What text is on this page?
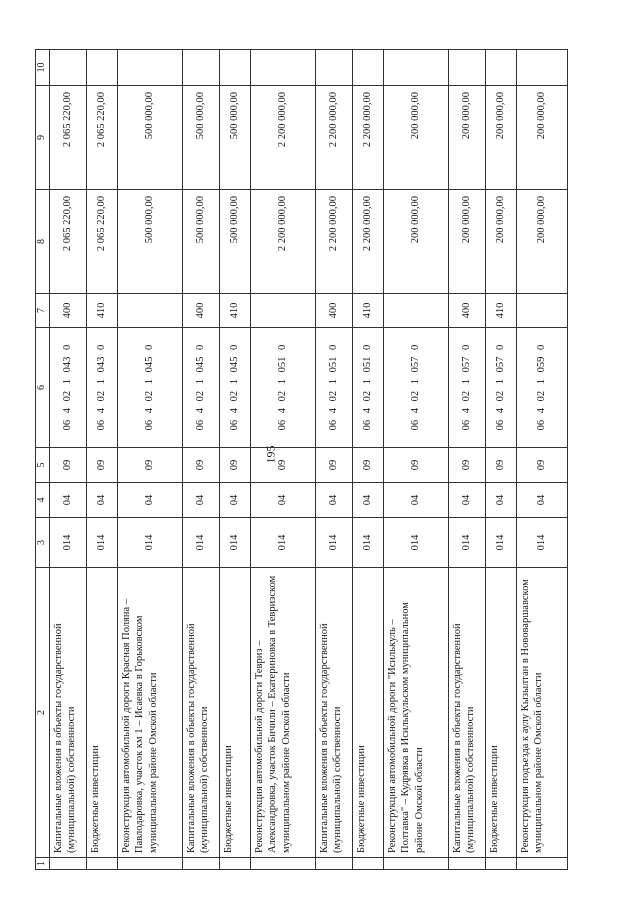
195
1	2	3	4	5	6	7	8	9	10
	Капитальные вложения в объекты государственной (муниципальной) собственности	014	04	09	06 4 02 1 043 0	400	2 065 220,00	2 065 220,00	
	Бюджетные инвестиции	014	04	09	06 4 02 1 043 0	410	2 065 220,00	2 065 220,00	
	Реконструкция автомобильной дороги Красная Поляна – Павлодаровка, участок км 1 – Исаевка в Горьковском муниципальном районе Омской области	014	04	09	06 4 02 1 045 0		500 000,00	500 000,00	
	Капитальные вложения в объекты государственной (муниципальной) собственности	014	04	09	06 4 02 1 045 0	400	500 000,00	500 000,00	
	Бюджетные инвестиции	014	04	09	06 4 02 1 045 0	410	500 000,00	500 000,00	
	Реконструкция автомобильной дороги Тевриз – Александровка, участок Бичили – Екатериновка в Тевризском муниципальном районе Омской области	014	04	09	06 4 02 1 051 0		2 200 000,00	2 200 000,00	
	Капитальные вложения в объекты государственной (муниципальной) собственности	014	04	09	06 4 02 1 051 0	400	2 200 000,00	2 200 000,00	
	Бюджетные инвестиции	014	04	09	06 4 02 1 051 0	410	2 200 000,00	2 200 000,00	
	Реконструкция автомобильной дороги "Исилькуль – Полтавка" – Кудрявка в Исилькульском муниципальном районе Омской области	014	04	09	06 4 02 1 057 0		200 000,00	200 000,00	
	Капитальные вложения в объекты государственной (муниципальной) собственности	014	04	09	06 4 02 1 057 0	400	200 000,00	200 000,00	
	Бюджетные инвестиции	014	04	09	06 4 02 1 057 0	410	200 000,00	200 000,00	
	Реконструкция подъезда к аулу Кызылтан в Нововаршавском муниципальном районе Омской области	014	04	09	06 4 02 1 059 0		200 000,00	200 000,00	
